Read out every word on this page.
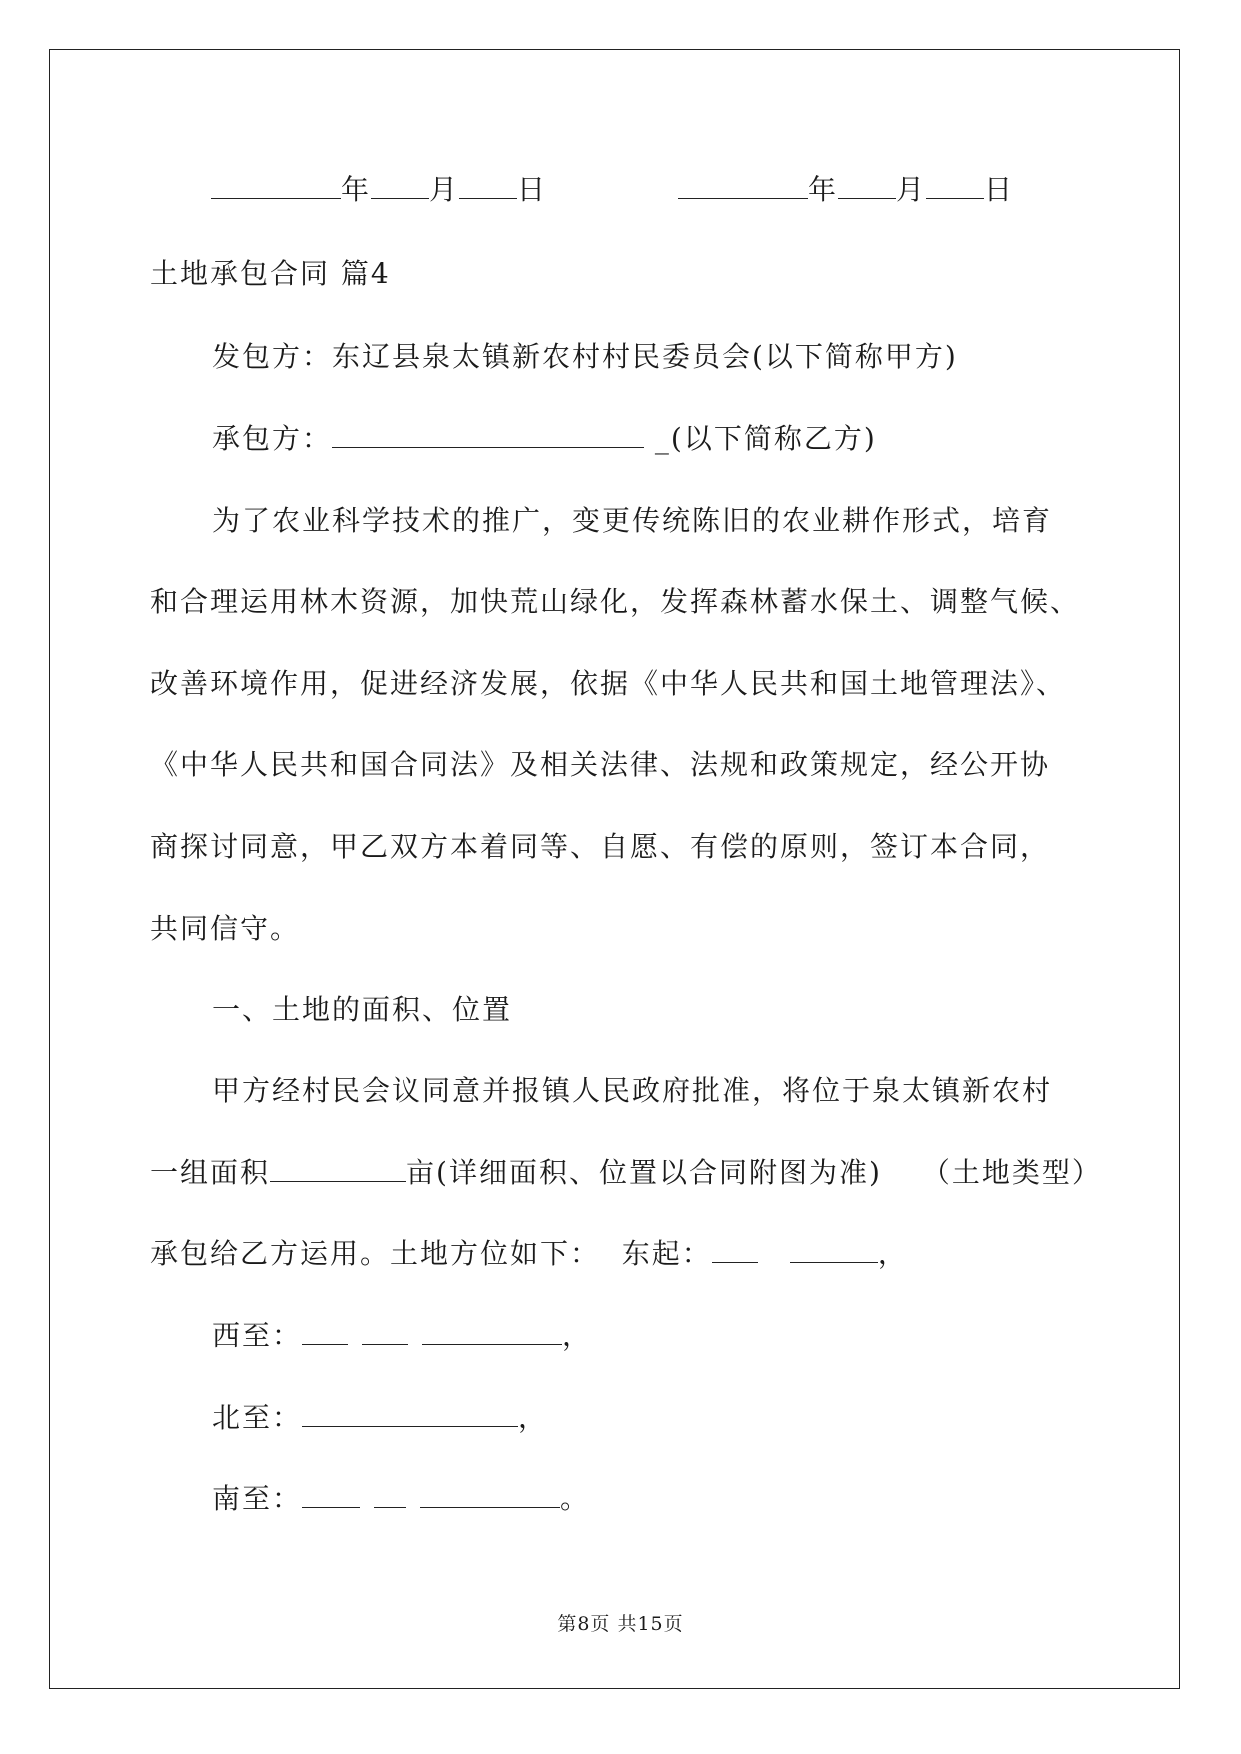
年 月 日	年 月 日
土地承包合同 篇4
发包方：东辽县泉太镇新农村村民委员会(以下简称甲方)
承包方：	_(以下简称乙方)
为了农业科学技术的推广，变更传统陈旧的农业耕作形式，培育
和合理运用林木资源，加快荒山绿化，发挥森林蓄水保土、调整气候、
改善环境作用，促进经济发展，依据《中华人民共和国土地管理法》、
《中华人民共和国合同法》及相关法律、法规和政策规定，经公开协
商探讨同意，甲乙双方本着同等、自愿、有偿的原则，签订本合同，
共同信守。
一、土地的面积、位置
甲方经村民会议同意并报镇人民政府批准，将位于泉太镇新农村
一组面积	亩(详细面积、位置以合同附图为准) （土地类型）
承包给乙方运用。土地方位如下：  东起：	，
西至：	，
北至：	，
南至：	。
第8页 共15页
